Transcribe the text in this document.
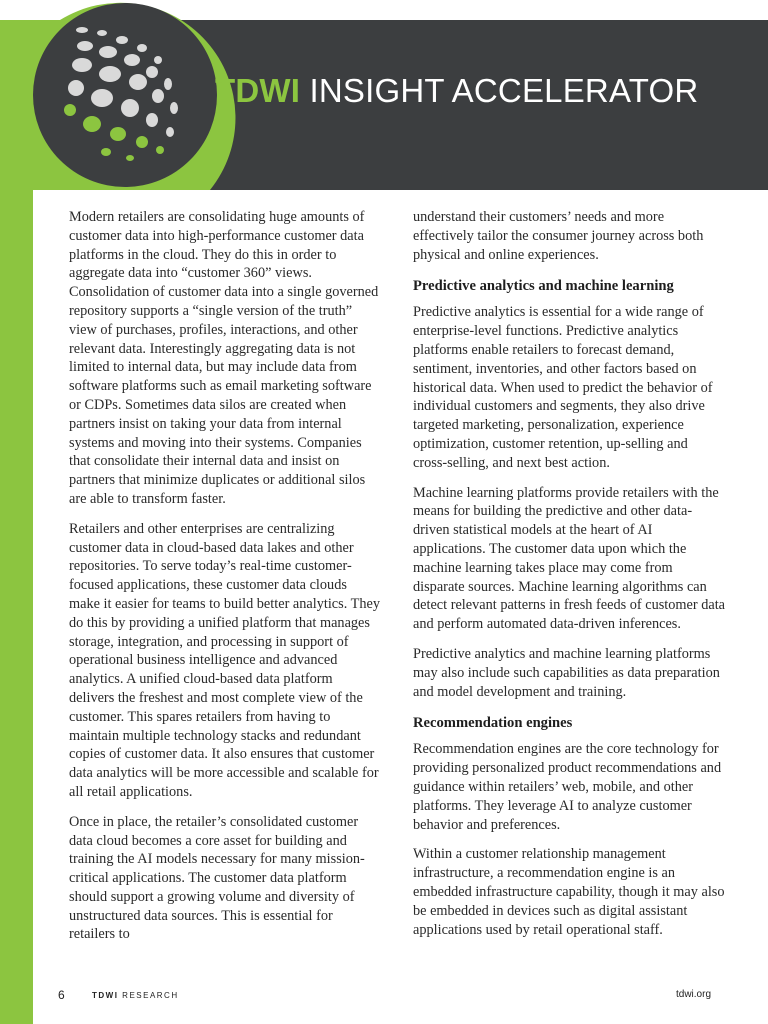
TDWI INSIGHT ACCELERATOR

Modern retailers are consolidating huge amounts of customer data into high-performance customer data platforms in the cloud. They do this in order to aggregate data into “customer 360” views. Consolidation of customer data into a single governed repository supports a “single version of the truth” view of purchases, profiles, interactions, and other relevant data. Interestingly aggregating data is not limited to internal data, but may include data from software platforms such as email marketing software or CDPs. Sometimes data silos are created when partners insist on taking your data from internal systems and moving into their systems. Companies that consolidate their internal data and insist on partners that minimize duplicates or additional silos are able to transform faster.

Retailers and other enterprises are centralizing customer data in cloud-based data lakes and other repositories. To serve today’s real-time customer-focused applications, these customer data clouds make it easier for teams to build better analytics. They do this by providing a unified platform that manages storage, integration, and processing in support of operational business intelligence and advanced analytics. A unified cloud-based data platform delivers the freshest and most complete view of the customer. This spares retailers from having to maintain multiple technology stacks and redundant copies of customer data. It also ensures that customer data analytics will be more accessible and scalable for all retail applications.

Once in place, the retailer’s consolidated customer data cloud becomes a core asset for building and training the AI models necessary for many mission-critical applications. The customer data platform should support a growing volume and diversity of unstructured data sources. This is essential for retailers to

understand their customers’ needs and more effectively tailor the consumer journey across both physical and online experiences.

Predictive analytics and machine learning

Predictive analytics is essential for a wide range of enterprise-level functions. Predictive analytics platforms enable retailers to forecast demand, sentiment, inventories, and other factors based on historical data. When used to predict the behavior of individual customers and segments, they also drive targeted marketing, personalization, experience optimization, customer retention, up-selling and cross-selling, and next best action.

Machine learning platforms provide retailers with the means for building the predictive and other data-driven statistical models at the heart of AI applications. The customer data upon which the machine learning takes place may come from disparate sources. Machine learning algorithms can detect relevant patterns in fresh feeds of customer data and perform automated data-driven inferences.

Predictive analytics and machine learning platforms may also include such capabilities as data preparation and model development and training.

Recommendation engines

Recommendation engines are the core technology for providing personalized product recommendations and guidance within retailers’ web, mobile, and other platforms. They leverage AI to analyze customer behavior and preferences.

Within a customer relationship management infrastructure, a recommendation engine is an embedded infrastructure capability, though it may also be embedded in devices such as digital assistant applications used by retail operational staff.

6	TDWI RESEARCH	tdwi.org
